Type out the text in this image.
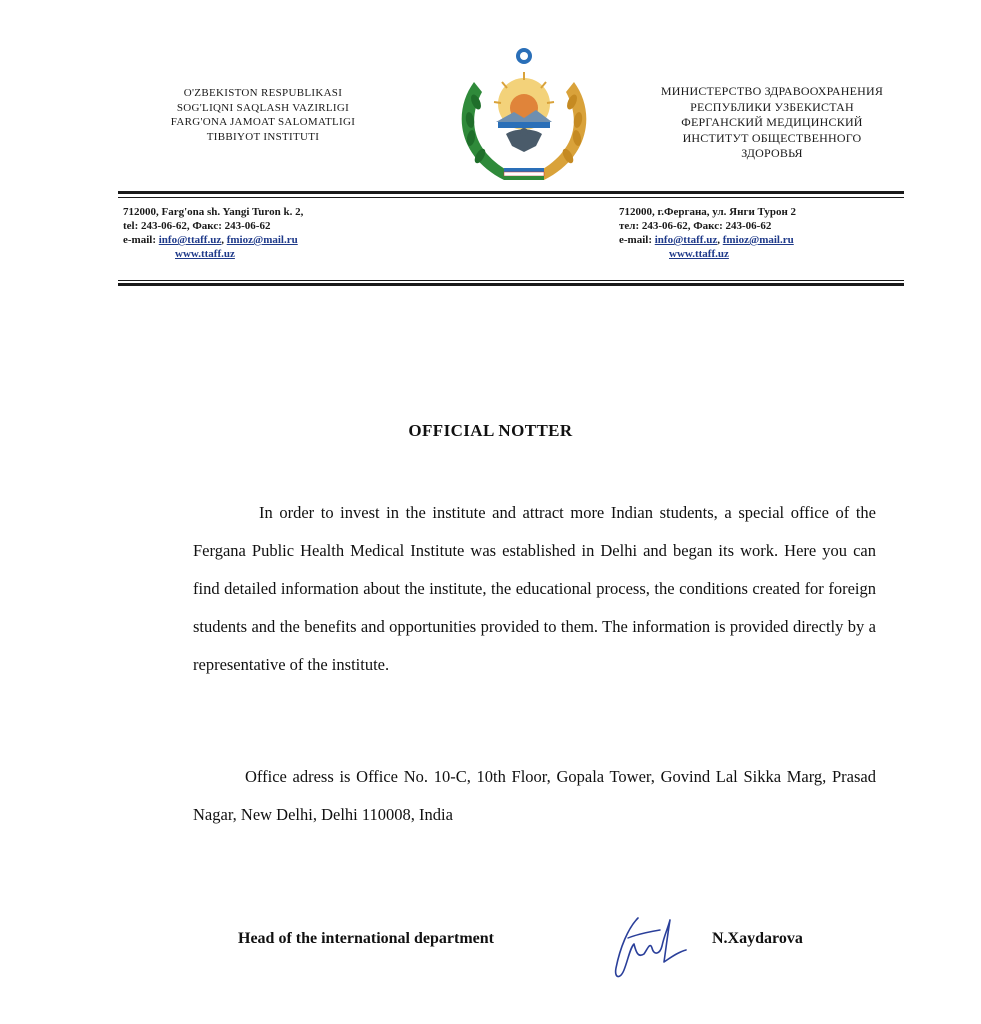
O'ZBEKISTON RESPUBLIKASI
SOG'LIQNI SAQLASH VAZIRLIGI
FARG'ONA JAMOAT SALOMATLIGI
TIBBIYOT INSTITUTI
МИНИСТЕРСТВО ЗДРАВООХРАНЕНИЯ
РЕСПУБЛИКИ УЗБЕКИСТАН
ФЕРГАНСКИЙ МЕДИЦИНСКИЙ
ИНСТИТУТ ОБЩЕСТВЕННОГО
ЗДОРОВЬЯ
712000, Farg'ona sh. Yangi Turon k. 2,
tel: 243-06-62, Факс: 243-06-62
e-mail: info@ttaff.uz, fmioz@mail.ru
www.ttaff.uz
712000, г.Фергана, ул. Янги Турон 2
тел: 243-06-62, Факс: 243-06-62
e-mail: info@ttaff.uz, fmioz@mail.ru
www.ttaff.uz
OFFICIAL NOTTER
In order to invest in the institute and attract more Indian students, a special office of the Fergana Public Health Medical Institute was established in Delhi and began its work. Here you can find detailed information about the institute, the educational process, the conditions created for foreign students and the benefits and opportunities provided to them. The information is provided directly by a representative of the institute.
Office adress is Office No. 10-C, 10th Floor, Gopala Tower, Govind Lal Sikka Marg, Prasad Nagar, New Delhi, Delhi 110008, India
Head of the international department	N.Xaydarova
